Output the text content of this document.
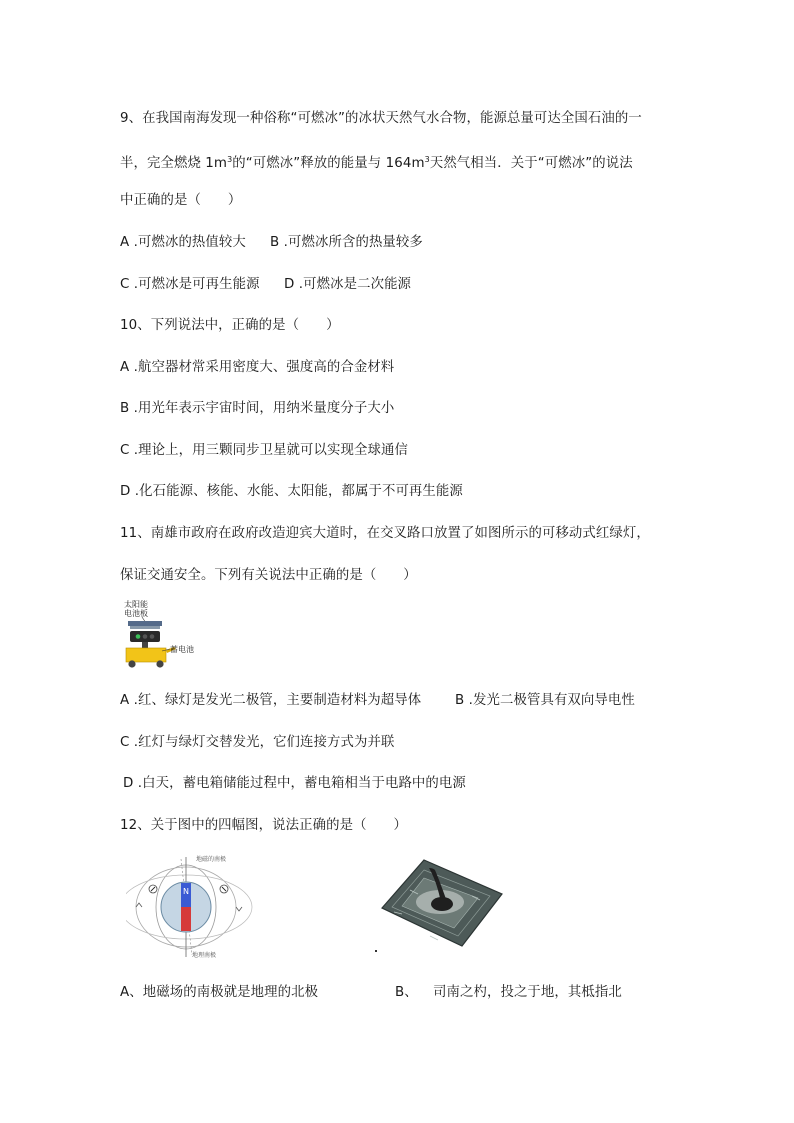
9、在我国南海发现一种俗称“可燃冰”的冰状天然气水合物，能源总量可达全国石油的一
半，完全燃烧 $1m^3$的“可燃冰”释放的能量与 $164m^3$天然气相当．关于“可燃冰”的说法
中正确的是（　　）
A .可燃冰的热值较大 B .可燃冰所含的热量较多
C .可燃冰是可再生能源 D .可燃冰是二次能源
10、下列说法中，正确的是（　　）
A .航空器材常采用密度大、强度高的合金材料
B .用光年表示宇宙时间，用纳米量度分子大小
C .理论上，用三颗同步卫星就可以实现全球通信
D .化石能源、核能、水能、太阳能，都属于不可再生能源
11、南雄市政府在政府改造迎宾大道时，在交叉路口放置了如图所示的可移动式红绿灯，
保证交通安全。下列有关说法中正确的是（　　）
太阳能
电池板
蓄电池
A .红、绿灯是发光二极管，主要制造材料为超导体	B .发光二极管具有双向导电性
C .红灯与绿灯交替发光，它们连接方式为并联
D .白天，蓄电箱储能过程中，蓄电箱相当于电路中的电源
12、关于图中的四幅图，说法正确的是（　　）
N
地磁的南极
地理南极
A、地磁场的南极就是地理的北极	B、 司南之杓，投之于地，其柢指北
